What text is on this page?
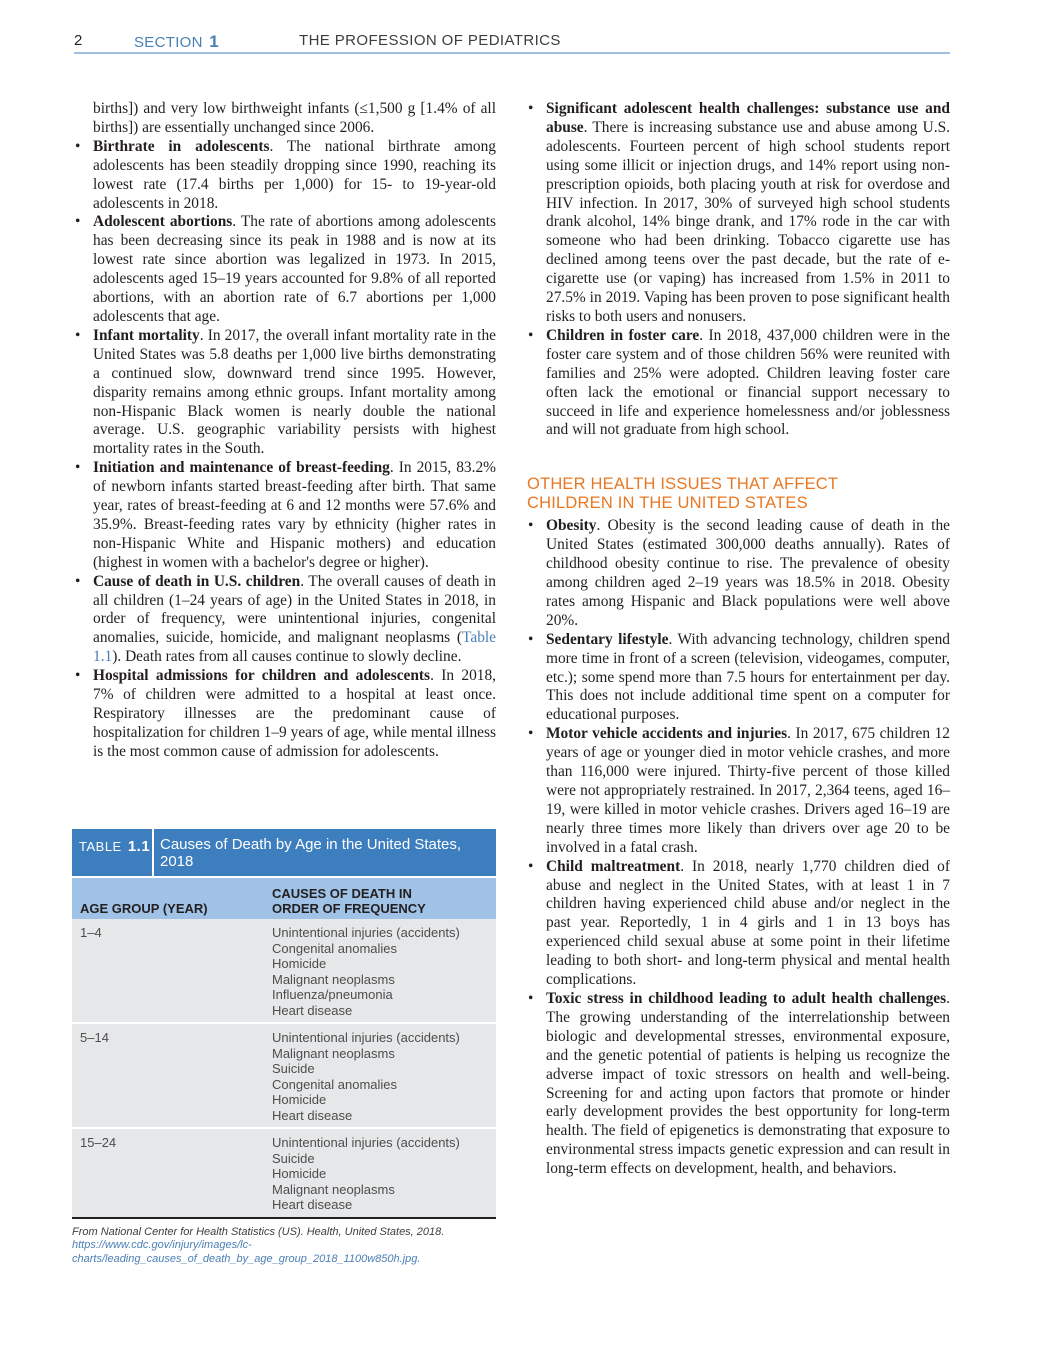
2	SECTION 1	THE PROFESSION OF PEDIATRICS

births]) and very low birthweight infants (≤1,500 g [1.4% of all births]) are essentially unchanged since 2006.

• Birthrate in adolescents. The national birthrate among adolescents has been steadily dropping since 1990, reaching its lowest rate (17.4 births per 1,000) for 15- to 19-year-old adolescents in 2018.
• Adolescent abortions. The rate of abortions among adolescents has been decreasing since its peak in 1988 and is now at its lowest rate since abortion was legalized in 1973. In 2015, adolescents aged 15–19 years accounted for 9.8% of all reported abortions, with an abortion rate of 6.7 abortions per 1,000 adolescents that age.
• Infant mortality. In 2017, the overall infant mortality rate in the United States was 5.8 deaths per 1,000 live births demonstrating a continued slow, downward trend since 1995. However, disparity remains among ethnic groups. Infant mortality among non-Hispanic Black women is nearly double the national average. U.S. geographic variability persists with highest mortality rates in the South.
• Initiation and maintenance of breast-feeding. In 2015, 83.2% of newborn infants started breast-feeding after birth. That same year, rates of breast-feeding at 6 and 12 months were 57.6% and 35.9%. Breast-feeding rates vary by ethnicity (higher rates in non-Hispanic White and Hispanic mothers) and education (highest in women with a bachelor's degree or higher).
• Cause of death in U.S. children. The overall causes of death in all children (1–24 years of age) in the United States in 2018, in order of frequency, were unintentional injuries, congenital anomalies, suicide, homicide, and malignant neoplasms (Table 1.1). Death rates from all causes continue to slowly decline.
• Hospital admissions for children and adolescents. In 2018, 7% of children were admitted to a hospital at least once. Respiratory illnesses are the predominant cause of hospitalization for children 1–9 years of age, while mental illness is the most common cause of admission for adolescents.
TABLE 1.1 Causes of Death by Age in the United States, 2018
AGE GROUP (YEAR)
CAUSES OF DEATH IN
ORDER OF FREQUENCY
1–4	Unintentional injuries (accidents)
Congenital anomalies
Homicide
Malignant neoplasms
Influenza/pneumonia
Heart disease
5–14	Unintentional injuries (accidents)
Malignant neoplasms
Suicide
Congenital anomalies
Homicide
Heart disease
15–24	Unintentional injuries (accidents)
Suicide
Homicide
Malignant neoplasms
Heart disease
From National Center for Health Statistics (US). Health, United States, 2018.
https://www.cdc.gov/injury/images/lc-charts/leading_causes_of_death_by_age_group_2018_1100w850h.jpg.
• Significant adolescent health challenges: substance use and abuse. There is increasing substance use and abuse among U.S. adolescents. Fourteen percent of high school students report using some illicit or injection drugs, and 14% report using non-prescription opioids, both placing youth at risk for overdose and HIV infection. In 2017, 30% of surveyed high school students drank alcohol, 14% binge drank, and 17% rode in the car with someone who had been drinking. Tobacco cigarette use has declined among teens over the past decade, but the rate of e-cigarette use (or vaping) has increased from 1.5% in 2011 to 27.5% in 2019. Vaping has been proven to pose significant health risks to both users and nonusers.
• Children in foster care. In 2018, 437,000 children were in the foster care system and of those children 56% were reunited with families and 25% were adopted. Children leaving foster care often lack the emotional or financial support necessary to succeed in life and experience homelessness and/or joblessness and will not graduate from high school.
OTHER HEALTH ISSUES THAT AFFECT
CHILDREN IN THE UNITED STATES
• Obesity. Obesity is the second leading cause of death in the United States (estimated 300,000 deaths annually). Rates of childhood obesity continue to rise. The prevalence of obesity among children aged 2–19 years was 18.5% in 2018. Obesity rates among Hispanic and Black populations were well above 20%.
• Sedentary lifestyle. With advancing technology, children spend more time in front of a screen (television, videogames, computer, etc.); some spend more than 7.5 hours for entertainment per day. This does not include additional time spent on a computer for educational purposes.
• Motor vehicle accidents and injuries. In 2017, 675 children 12 years of age or younger died in motor vehicle crashes, and more than 116,000 were injured. Thirty-five percent of those killed were not appropriately restrained. In 2017, 2,364 teens, aged 16–19, were killed in motor vehicle crashes. Drivers aged 16–19 are nearly three times more likely than drivers over age 20 to be involved in a fatal crash.
• Child maltreatment. In 2018, nearly 1,770 children died of abuse and neglect in the United States, with at least 1 in 7 children having experienced child abuse and/or neglect in the past year. Reportedly, 1 in 4 girls and 1 in 13 boys has experienced child sexual abuse at some point in their lifetime leading to both short- and long-term physical and mental health complications.
• Toxic stress in childhood leading to adult health challenges. The growing understanding of the interrelationship between biologic and developmental stresses, environmental exposure, and the genetic potential of patients is helping us recognize the adverse impact of toxic stressors on health and well-being. Screening for and acting upon factors that promote or hinder early development provides the best opportunity for long-term health. The field of epigenetics is demonstrating that exposure to environmental stress impacts genetic expression and can result in long-term effects on development, health, and behaviors.
